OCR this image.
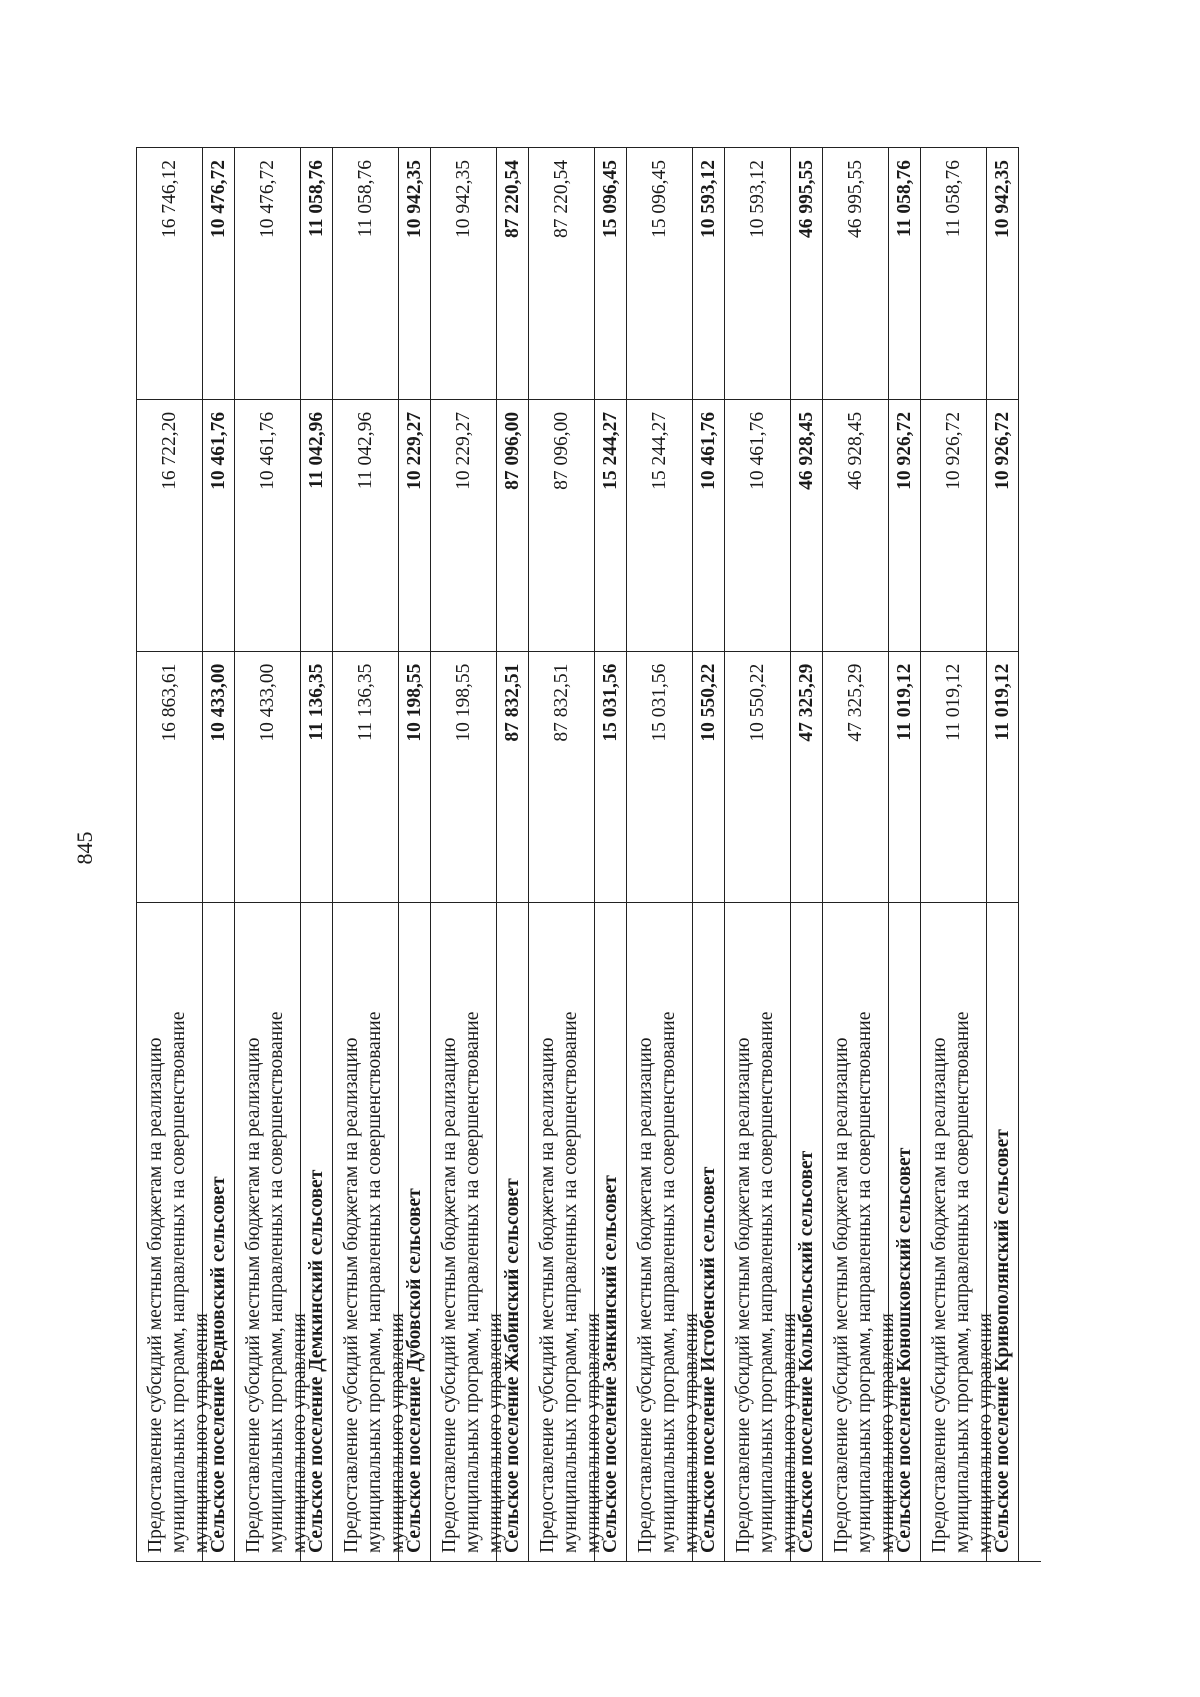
845
Предоставление субсидий местным бюджетам на реализацию муниципальных программ, направленных на совершенствование муниципального управления
16 863,61
16 722,20
16 746,12
Сельское поселение Ведновский сельсовет
10 433,00
10 461,76
10 476,72
Предоставление субсидий местным бюджетам на реализацию муниципальных программ, направленных на совершенствование муниципального управления
10 433,00
10 461,76
10 476,72
Сельское поселение Демкинский сельсовет
11 136,35
11 042,96
11 058,76
Предоставление субсидий местным бюджетам на реализацию муниципальных программ, направленных на совершенствование муниципального управления
11 136,35
11 042,96
11 058,76
Сельское поселение Дубовской сельсовет
10 198,55
10 229,27
10 942,35
Предоставление субсидий местным бюджетам на реализацию муниципальных программ, направленных на совершенствование муниципального управления
10 198,55
10 229,27
10 942,35
Сельское поселение Жабинский сельсовет
87 832,51
87 096,00
87 220,54
Предоставление субсидий местным бюджетам на реализацию муниципальных программ, направленных на совершенствование муниципального управления
87 832,51
87 096,00
87 220,54
Сельское поселение Зенкинский сельсовет
15 031,56
15 244,27
15 096,45
Предоставление субсидий местным бюджетам на реализацию муниципальных программ, направленных на совершенствование муниципального управления
15 031,56
15 244,27
15 096,45
Сельское поселение Истобенский сельсовет
10 550,22
10 461,76
10 593,12
Предоставление субсидий местным бюджетам на реализацию муниципальных программ, направленных на совершенствование муниципального управления
10 550,22
10 461,76
10 593,12
Сельское поселение Колыбельский сельсовет
47 325,29
46 928,45
46 995,55
Предоставление субсидий местным бюджетам на реализацию муниципальных программ, направленных на совершенствование муниципального управления
47 325,29
46 928,45
46 995,55
Сельское поселение Коношковский сельсовет
11 019,12
10 926,72
11 058,76
Предоставление субсидий местным бюджетам на реализацию муниципальных программ, направленных на совершенствование муниципального управления
11 019,12
10 926,72
11 058,76
Сельское поселение Кривополянский сельсовет
11 019,12
10 926,72
10 942,35
